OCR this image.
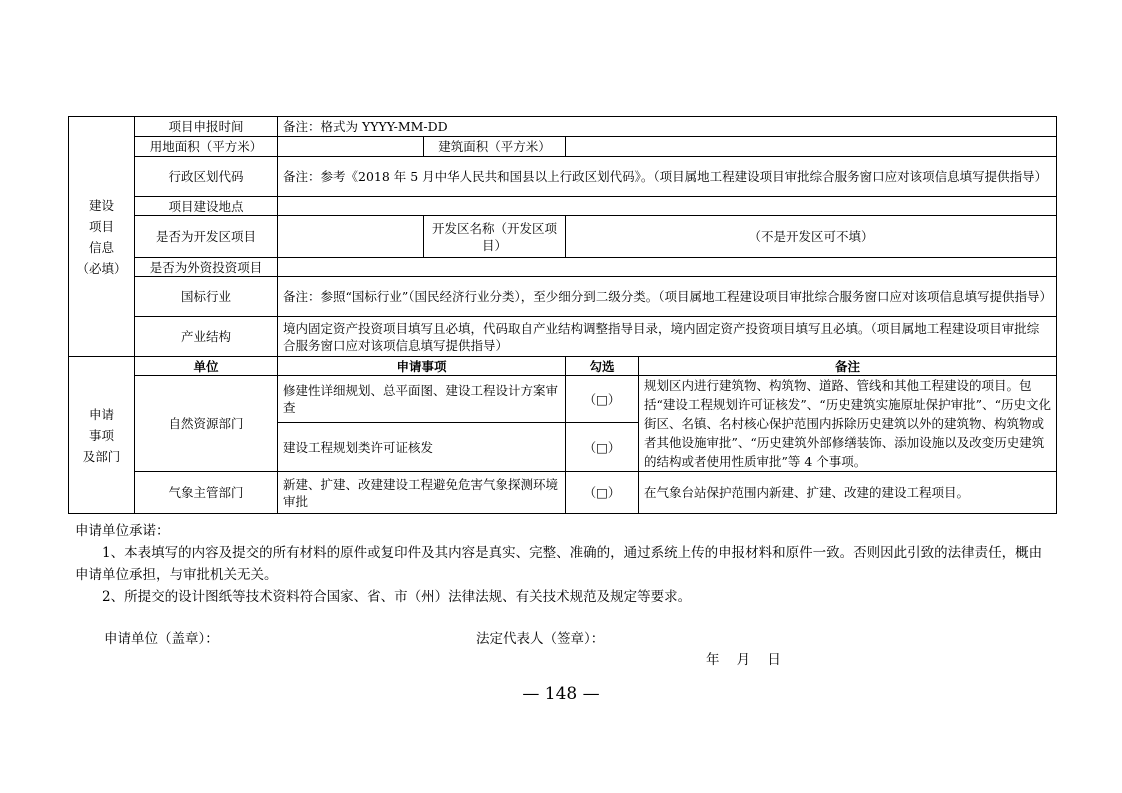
建设
项目
信息
（必填）	项目申报时间	备注：格式为 YYYY-MM-DD			
	用地面积（平方米）		建筑面积（平方米）		
	行政区划代码	备注：参考《2018 年 5 月中华人民共和国县以上行政区划代码》。（项目属地工程建设项目审批综合服务窗口应对该项信息填写提供指导）			
	项目建设地点				
	是否为开发区项目		开发区名称（开发区项目）	（不是开发区可不填）	
	是否为外资投资项目				
	国标行业	备注：参照“国标行业”（国民经济行业分类），至少细分到二级分类。（项目属地工程建设项目审批综合服务窗口应对该项信息填写提供指导）			
	产业结构	境内固定资产投资项目填写且必填，代码取自产业结构调整指导目录，境内固定资产投资项目填写且必填。（项目属地工程建设项目审批综合服务窗口应对该项信息填写提供指导）			
申请
事项
及部门	单位	申请事项		勾选	备注
	自然资源部门	修建性详细规划、总平面图、建设工程设计方案审查		（□）	规划区内进行建筑物、构筑物、道路、管线和其他工程建设的项目。包括“建设工程规划许可证核发”、“历史建筑实施原址保护审批”、“历史文化街区、名镇、名村核心保护范围内拆除历史建筑以外的建筑物、构筑物或者其他设施审批”、“历史建筑外部修缮装饰、添加设施以及改变历史建筑的结构或者使用性质审批”等 4 个事项。
		建设工程规划类许可证核发		（□）	
	气象主管部门	新建、扩建、改建建设工程避免危害气象探测环境审批		（□）	在气象台站保护范围内新建、扩建、改建的建设工程项目。

申请单位承诺：

1、本表填写的内容及提交的所有材料的原件或复印件及其内容是真实、完整、准确的，通过系统上传的申报材料和原件一致。否则因此引致的法律责任，概由申请单位承担，与审批机关无关。

2、所提交的设计图纸等技术资料符合国家、省、市（州）法律法规、有关技术规范及规定等要求。

申请单位（盖章）：	法定代表人（签章）：
年    月    日
— 148 —
